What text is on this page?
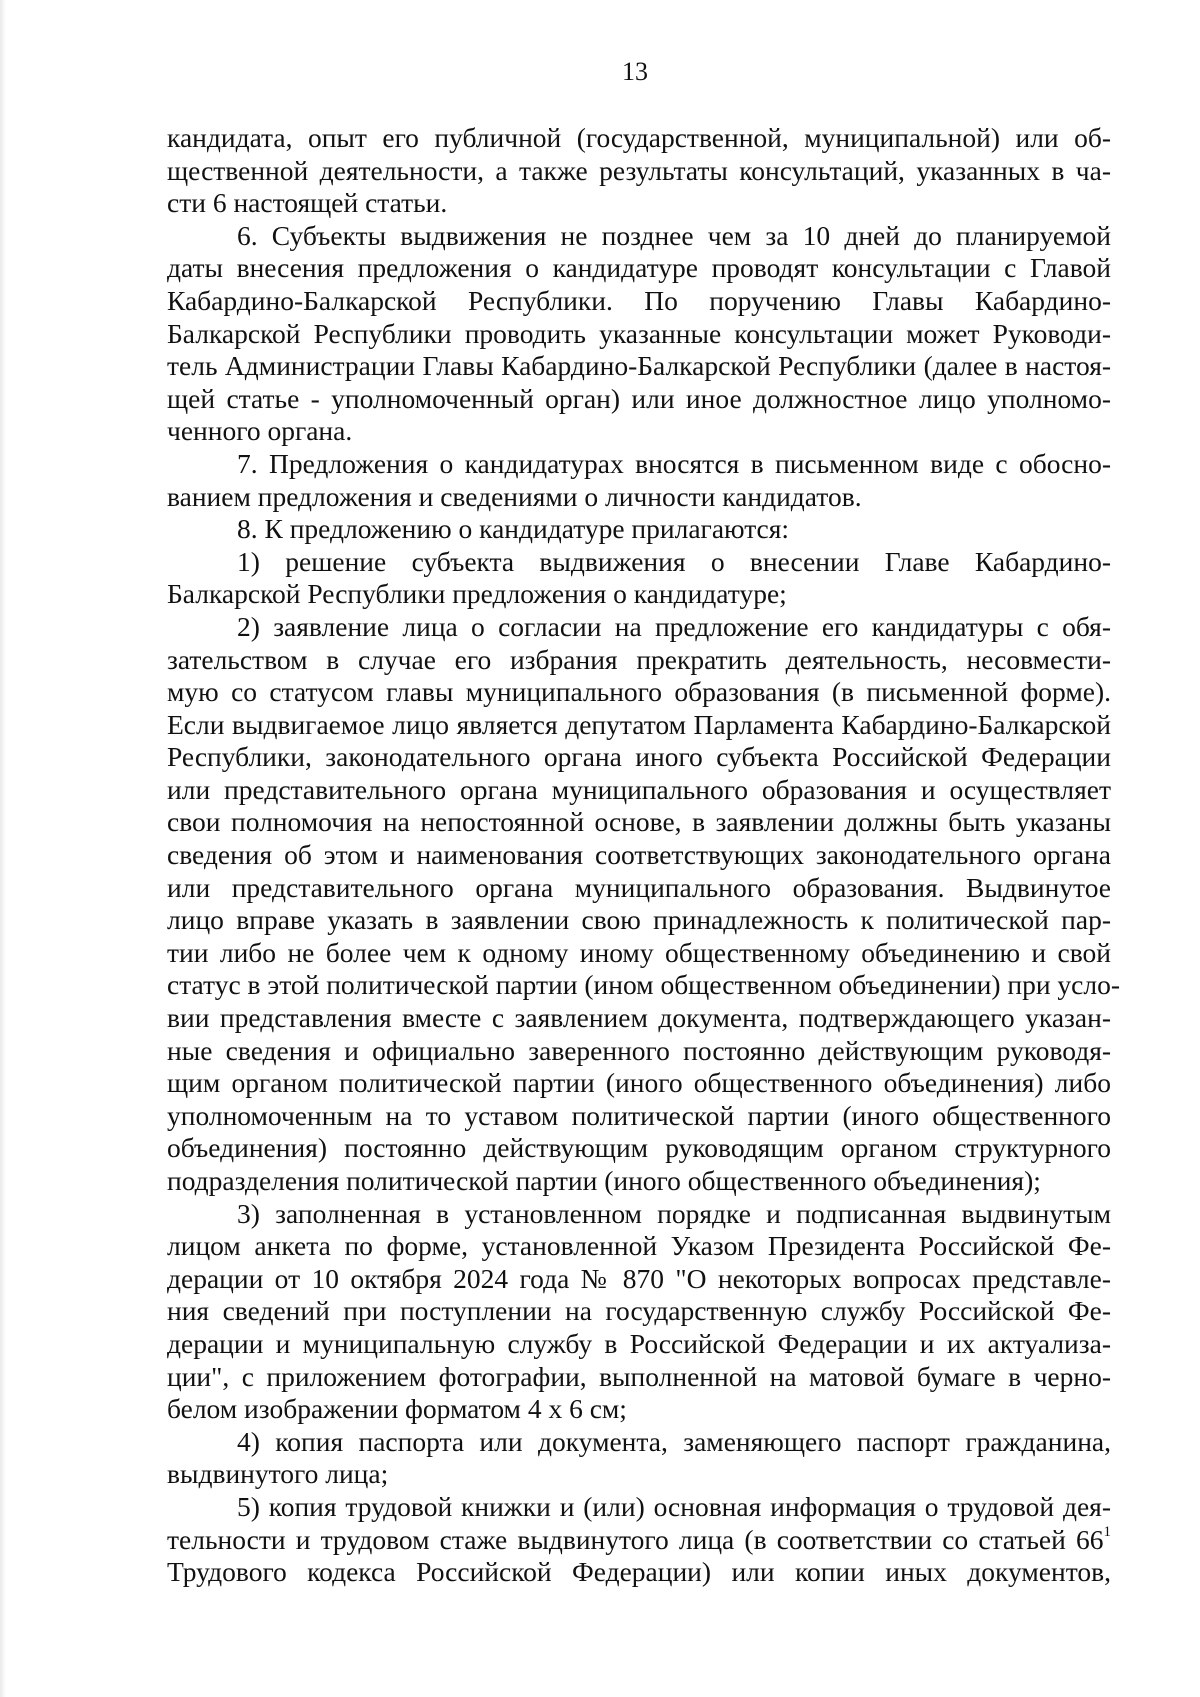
13
кандидата, опыт его публичной (государственной, муниципальной) или об-
щественной деятельности, а также результаты консультаций, указанных в ча-
сти 6 настоящей статьи.
6. Субъекты выдвижения не позднее чем за 10 дней до планируемой
даты внесения предложения о кандидатуре проводят консультации с Главой
Кабардино-Балкарской Республики. По поручению Главы Кабардино-
Балкарской Республики проводить указанные консультации может Руководи-
тель Администрации Главы Кабардино-Балкарской Республики (далее в настоя-
щей статье - уполномоченный орган) или иное должностное лицо уполномо-
ченного органа.
7. Предложения о кандидатурах вносятся в письменном виде с обосно-
ванием предложения и сведениями о личности кандидатов.
8. К предложению о кандидатуре прилагаются:
1) решение субъекта выдвижения о внесении Главе Кабардино-
Балкарской Республики предложения о кандидатуре;
2) заявление лица о согласии на предложение его кандидатуры с обя-
зательством в случае его избрания прекратить деятельность, несовмести-
мую со статусом главы муниципального образования (в письменной форме).
Если выдвигаемое лицо является депутатом Парламента Кабардино-Балкарской
Республики, законодательного органа иного субъекта Российской Федерации
или представительного органа муниципального образования и осуществляет
свои полномочия на непостоянной основе, в заявлении должны быть указаны
сведения об этом и наименования соответствующих законодательного органа
или представительного органа муниципального образования. Выдвинутое
лицо вправе указать в заявлении свою принадлежность к политической пар-
тии либо не более чем к одному иному общественному объединению и свой
статус в этой политической партии (ином общественном объединении) при усло-
вии представления вместе с заявлением документа, подтверждающего указан-
ные сведения и официально заверенного постоянно действующим руководя-
щим органом политической партии (иного общественного объединения) либо
уполномоченным на то уставом политической партии (иного общественного
объединения) постоянно действующим руководящим органом структурного
подразделения политической партии (иного общественного объединения);
3) заполненная в установленном порядке и подписанная выдвинутым
лицом анкета по форме, установленной Указом Президента Российской Фе-
дерации от 10 октября 2024 года № 870 "О некоторых вопросах представле-
ния сведений при поступлении на государственную службу Российской Фе-
дерации и муниципальную службу в Российской Федерации и их актуализа-
ции", с приложением фотографии, выполненной на матовой бумаге в черно-
белом изображении форматом 4 х 6 см;
4) копия паспорта или документа, заменяющего паспорт гражданина,
выдвинутого лица;
5) копия трудовой книжки и (или) основная информация о трудовой дея-
тельности и трудовом стаже выдвинутого лица (в соответствии со статьей 66$^1$
Трудового кодекса Российской Федерации) или копии иных документов,
